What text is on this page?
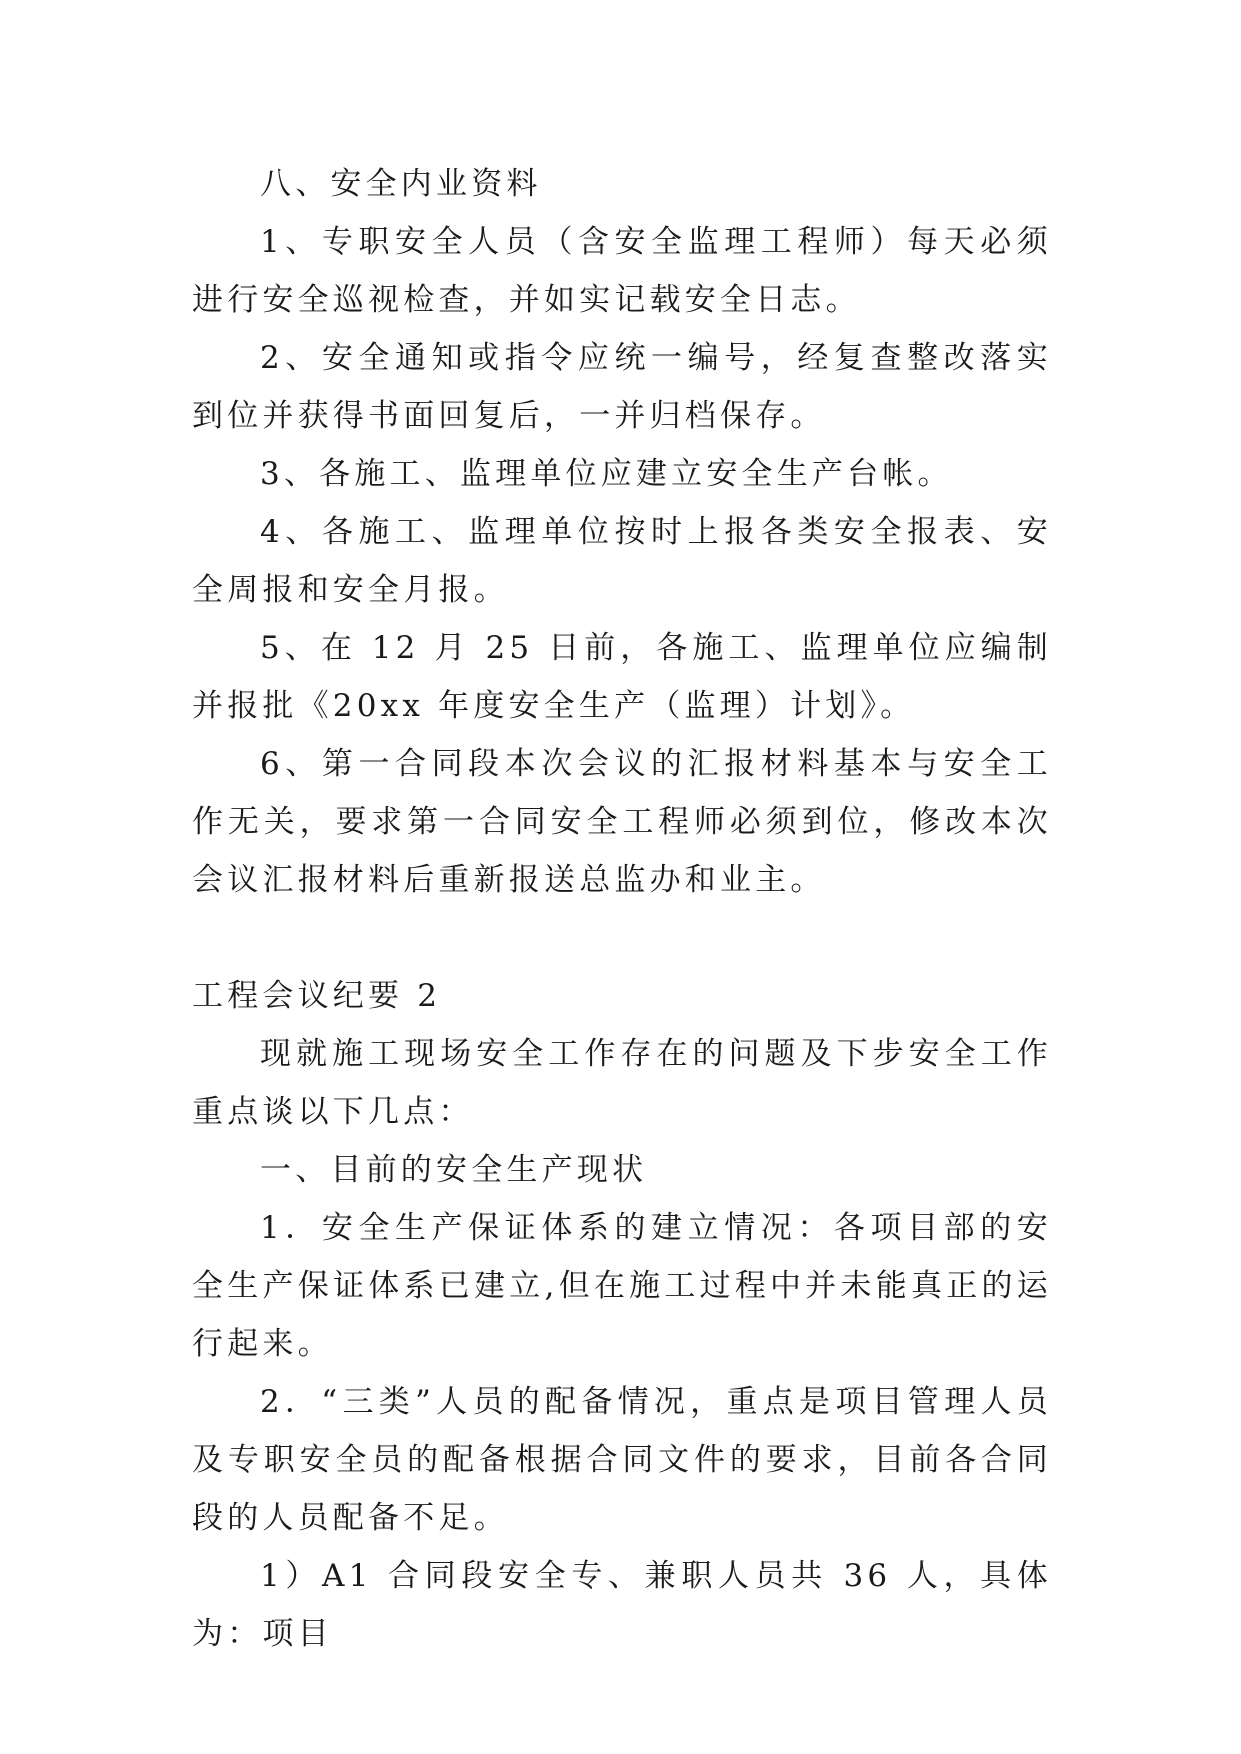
八、安全内业资料

1、专职安全人员（含安全监理工程师）每天必须进行安全巡视检查，并如实记载安全日志。

2、安全通知或指令应统一编号，经复查整改落实到位并获得书面回复后，一并归档保存。

3、各施工、监理单位应建立安全生产台帐。

4、各施工、监理单位按时上报各类安全报表、安全周报和安全月报。

5、在 12 月 25 日前，各施工、监理单位应编制并报批《20xx 年度安全生产（监理）计划》。

6、第一合同段本次会议的汇报材料基本与安全工作无关，要求第一合同安全工程师必须到位，修改本次会议汇报材料后重新报送总监办和业主。

工程会议纪要 2

现就施工现场安全工作存在的问题及下步安全工作重点谈以下几点：

一、目前的安全生产现状

1．安全生产保证体系的建立情况：各项目部的安全生产保证体系已建立,但在施工过程中并未能真正的运行起来。

2．“三类”人员的配备情况，重点是项目管理人员及专职安全员的配备根据合同文件的要求，目前各合同段的人员配备不足。

1）A1 合同段安全专、兼职人员共 36 人，具体为：项目
